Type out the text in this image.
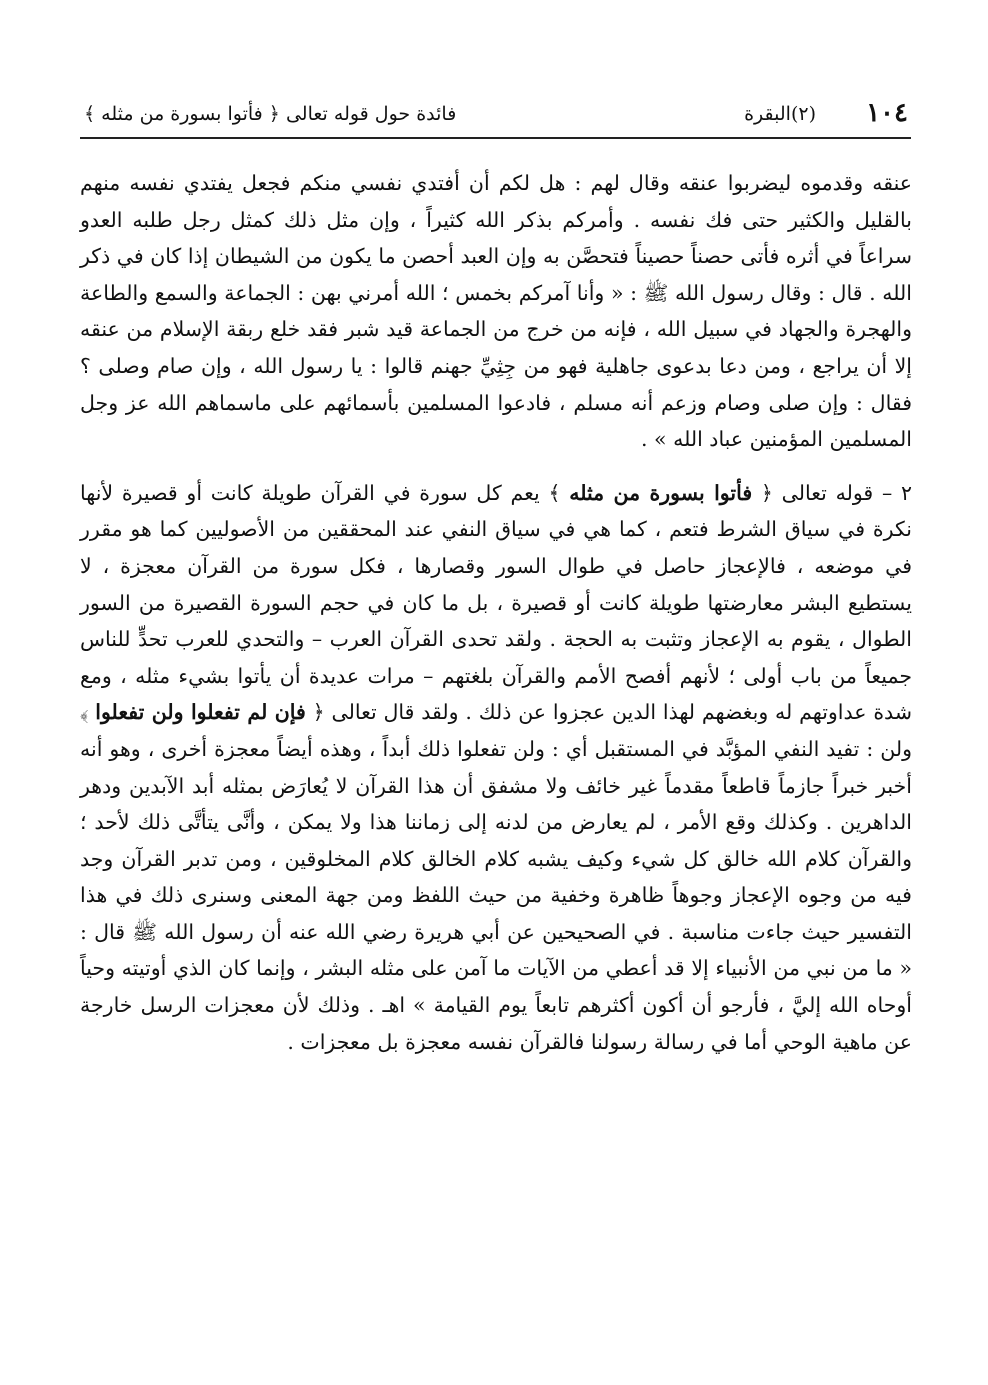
١٠٤
(٢)البقرة
فائدة حول قوله تعالى ﴿ فأتوا بسورة من مثله ﴾

عنقه وقدموه ليضربوا عنقه وقال لهم : هل لكم أن أفتدي نفسي منكم فجعل يفتدي نفسه منهم بالقليل والكثير حتى فك نفسه . وأمركم بذكر الله كثيراً ، وإن مثل ذلك كمثل رجل طلبه العدو سراعاً في أثره فأتى حصناً حصيناً فتحصَّن به وإن العبد أحصن ما يكون من الشيطان إذا كان في ذكر الله . قال : وقال رسول الله ﷺ : « وأنا آمركم بخمس ؛ الله أمرني بهن : الجماعة والسمع والطاعة والهجرة والجهاد في سبيل الله ، فإنه من خرج من الجماعة قيد شبر فقد خلع ربقة الإسلام من عنقه إلا أن يراجع ، ومن دعا بدعوى جاهلية فهو من جِثِيِّ جهنم قالوا : يا رسول الله ، وإن صام وصلى ؟ فقال : وإن صلى وصام وزعم أنه مسلم ، فادعوا المسلمين بأسمائهم على ماسماهم الله عز وجل المسلمين المؤمنين عباد الله » .

٢ – قوله تعالى ﴿ فأتوا بسورة من مثله ﴾ يعم كل سورة في القرآن طويلة كانت أو قصيرة لأنها نكرة في سياق الشرط فتعم ، كما هي في سياق النفي عند المحققين من الأصوليين كما هو مقرر في موضعه ، فالإعجاز حاصل في طوال السور وقصارها ، فكل سورة من القرآن معجزة ، لا يستطيع البشر معارضتها طويلة كانت أو قصيرة ، بل ما كان في حجم السورة القصيرة من السور الطوال ، يقوم به الإعجاز وتثبت به الحجة . ولقد تحدى القرآن العرب – والتحدي للعرب تحدٍّ للناس جميعاً من باب أولى ؛ لأنهم أفصح الأمم والقرآن بلغتهم – مرات عديدة أن يأتوا بشيء مثله ، ومع شدة عداوتهم له وبغضهم لهذا الدين عجزوا عن ذلك . ولقد قال تعالى ﴿ فإن لم تفعلوا ولن تفعلوا ﴾ ولن : تفيد النفي المؤبَّد في المستقبل أي : ولن تفعلوا ذلك أبداً ، وهذه أيضاً معجزة أخرى ، وهو أنه أخبر خبراً جازماً قاطعاً مقدماً غير خائف ولا مشفق أن هذا القرآن لا يُعارَض بمثله أبد الآبدين ودهر الداهرين . وكذلك وقع الأمر ، لم يعارض من لدنه إلى زماننا هذا ولا يمكن ، وأنَّى يتأتَّى ذلك لأحد ؛ والقرآن كلام الله خالق كل شيء وكيف يشبه كلام الخالق كلام المخلوقين ، ومن تدبر القرآن وجد فيه من وجوه الإعجاز وجوهاً ظاهرة وخفية من حيث اللفظ ومن جهة المعنى وسنرى ذلك في هذا التفسير حيث جاءت مناسبة . في الصحيحين عن أبي هريرة رضي الله عنه أن رسول الله ﷺ قال : « ما من نبي من الأنبياء إلا قد أعطي من الآيات ما آمن على مثله البشر ، وإنما كان الذي أوتيته وحياً أوحاه الله إليَّ ، فأرجو أن أكون أكثرهم تابعاً يوم القيامة » اهـ . وذلك لأن معجزات الرسل خارجة عن ماهية الوحي أما في رسالة رسولنا فالقرآن نفسه معجزة بل معجزات .
